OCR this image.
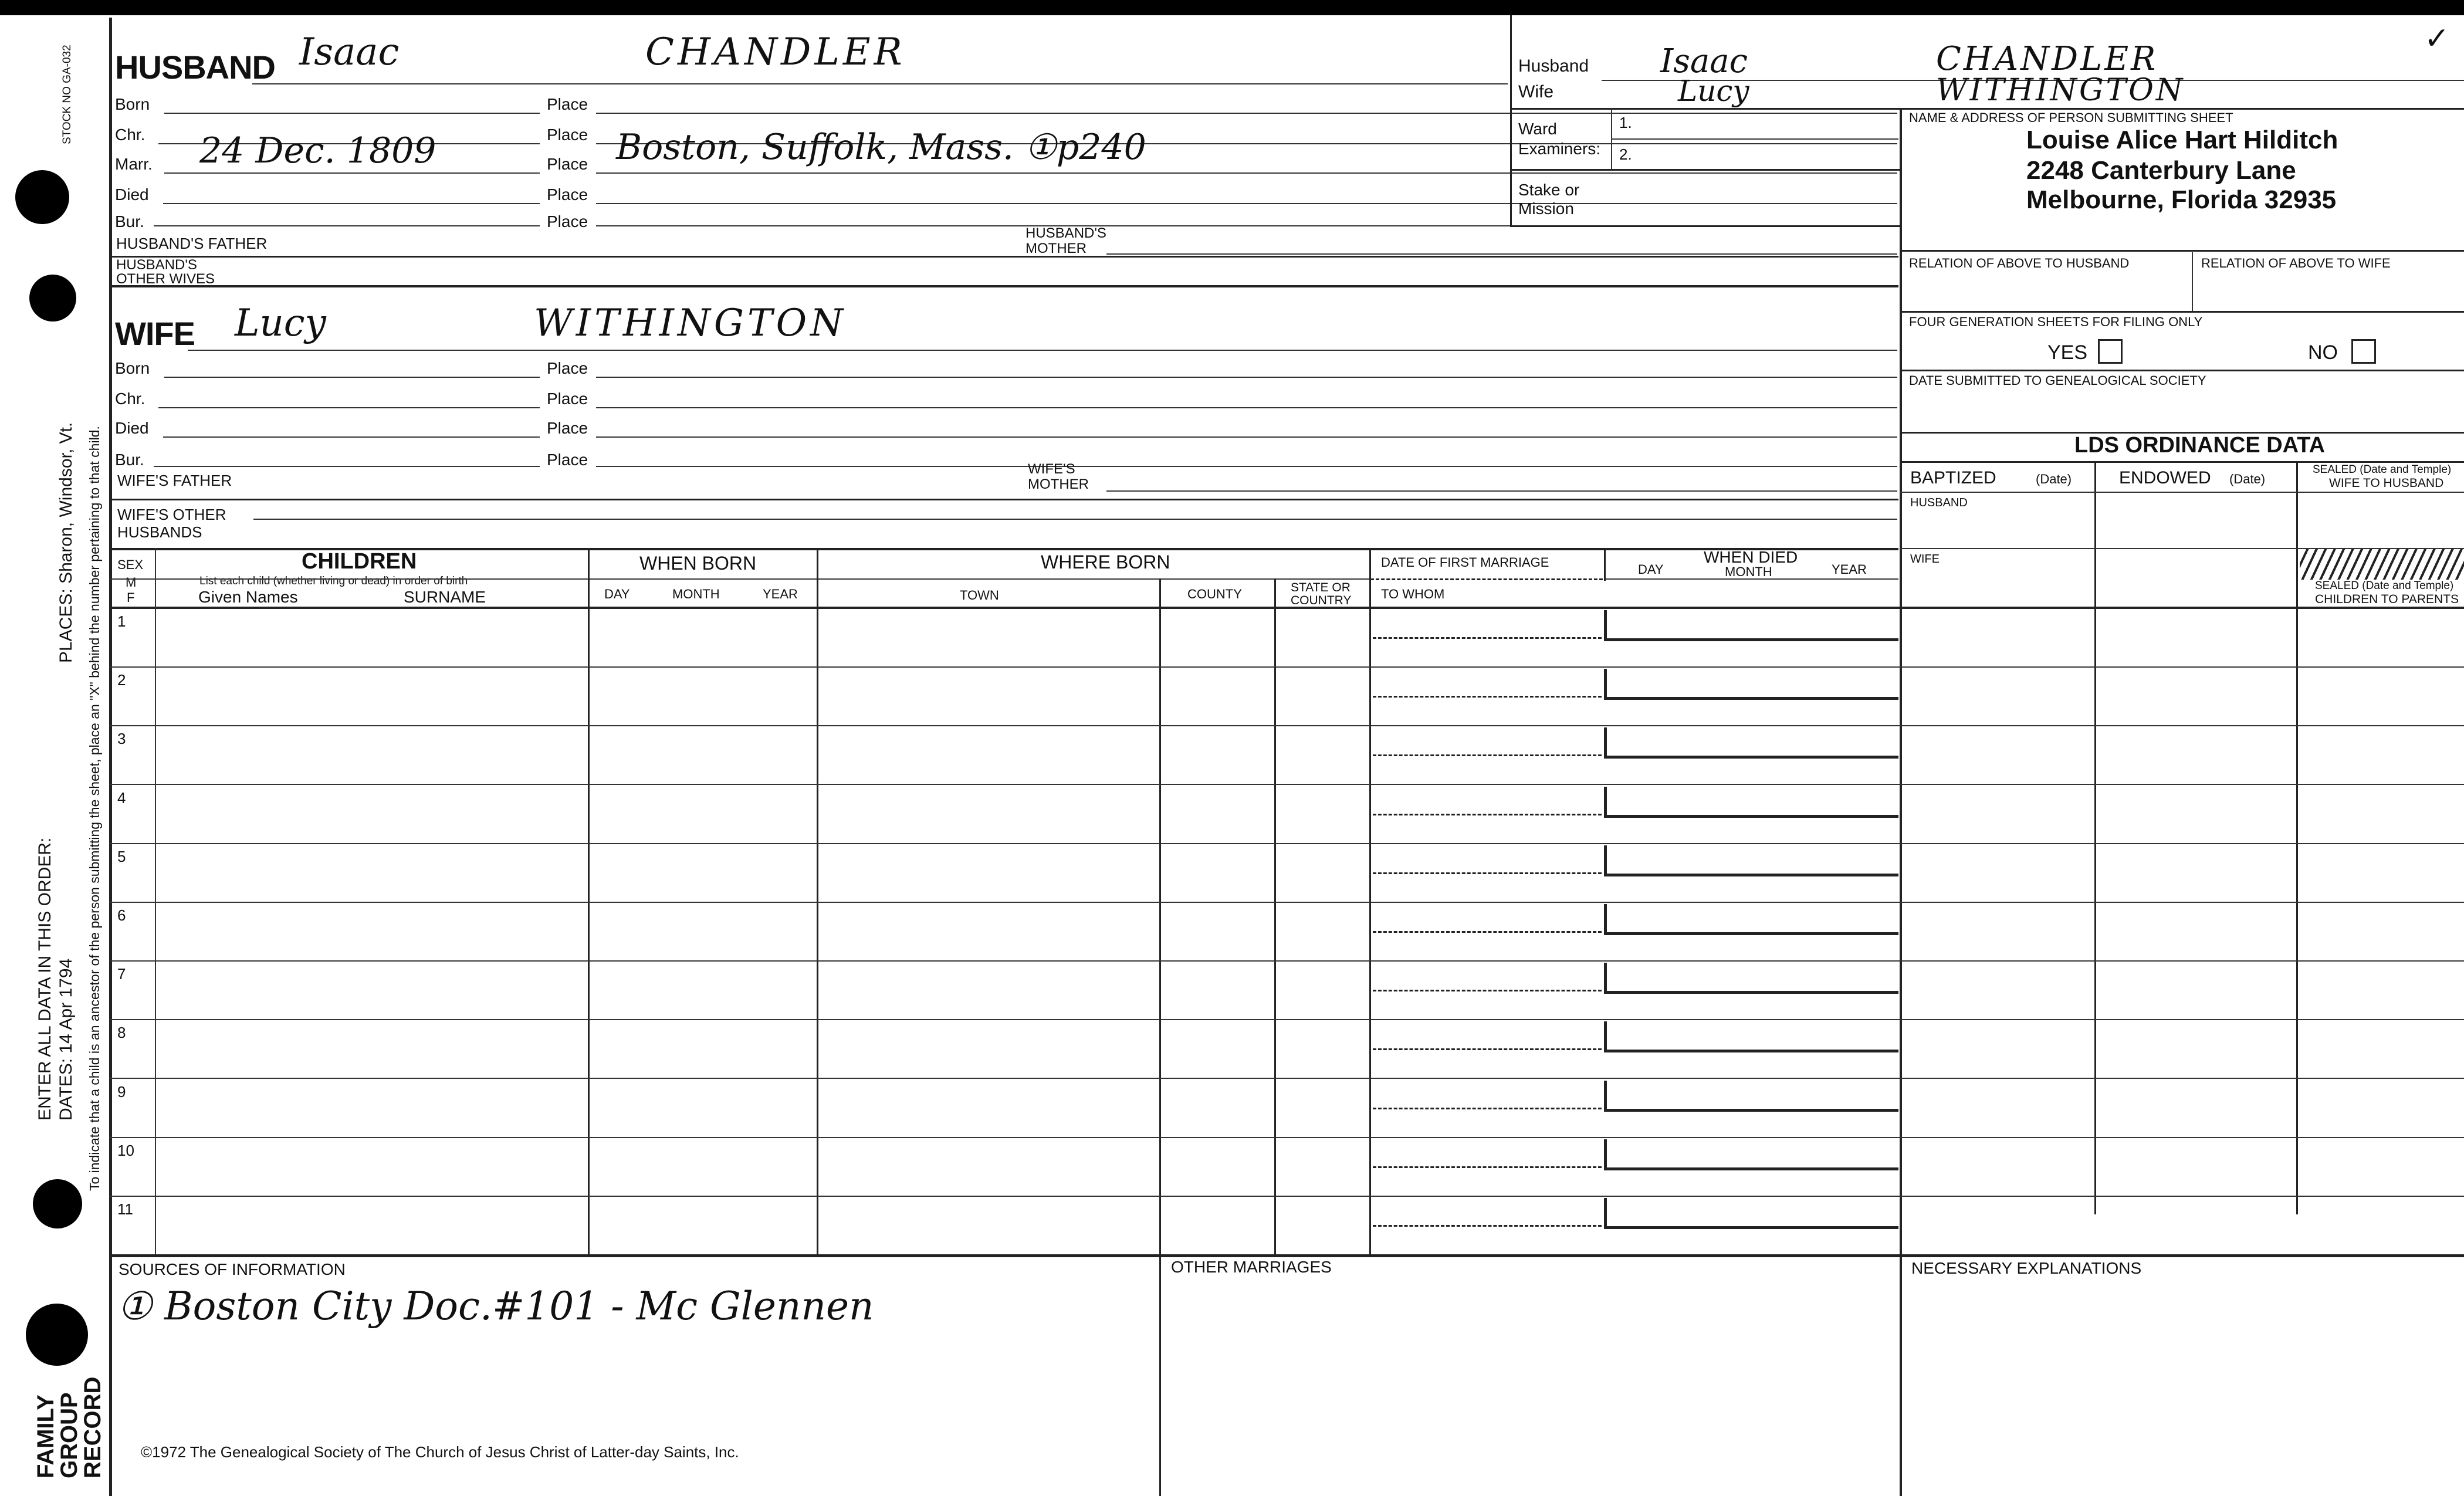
STOCK NO GA-032
PLACES: Sharon, Windsor, Vt.
ENTER ALL DATA IN THIS ORDER: DATES: 14 Apr 1794 To indicate that a child is an ancestor of the person submitting the sheet, place an "X" behind the number pertaining to that child.
FAMILY
GROUP
RECORD
HUSBAND Isaac	CHANDLER
Born	Place
Chr.	Place
Marr. 24 Dec. 1809	Place Boston, Suffolk, Mass. ①p240
Died	Place
Bur.	Place
HUSBAND'S FATHER
HUSBAND'S
MOTHER
HUSBAND'S
OTHER WIVES
WIFE Lucy	WITHINGTON
Born	Place
Chr.	Place
Died	Place
Bur.	Place
WIFE'S FATHER
WIFE'S
MOTHER
WIFE'S OTHER
HUSBANDS
Husband Isaac	CHANDLER
Wife	Lucy	WITHINGTON
NAME & ADDRESS OF PERSON SUBMITTING SHEET
Ward
Examiners:
1.
2.
Stake or
Mission
Louise Alice Hart Hilditch
2248 Canterbury Lane
Melbourne, Florida 32935
RELATION OF ABOVE TO HUSBAND	RELATION OF ABOVE TO WIFE
FOUR GENERATION SHEETS FOR FILING ONLY
YES	NO
DATE SUBMITTED TO GENEALOGICAL SOCIETY
LDS ORDINANCE DATA
BAPTIZED	(Date)	ENDOWED (Date)
SEALED (Date and Temple)
WIFE TO HUSBAND
HUSBAND
WIFE
SEALED (Date and Temple)
CHILDREN TO PARENTS
SEX
M
F
CHILDREN
List each child (whether living or dead) in order of birth
Given Names	SURNAME
WHEN BORN
DAY	MONTH	YEAR
WHERE BORN
TOWN	COUNTY	STATE OR
COUNTRY
DATE OF FIRST MARRIAGE
TO WHOM
WHEN DIED
DAY	MONTH	YEAR
1
2
3
4
5
6
7
8
9
10
11
SOURCES OF INFORMATION
① Boston City Doc.#101 - Mc Glennen
OTHER MARRIAGES	NECESSARY EXPLANATIONS
©1972 The Genealogical Society of The Church of Jesus Christ of Latter-day Saints, Inc.
✓
